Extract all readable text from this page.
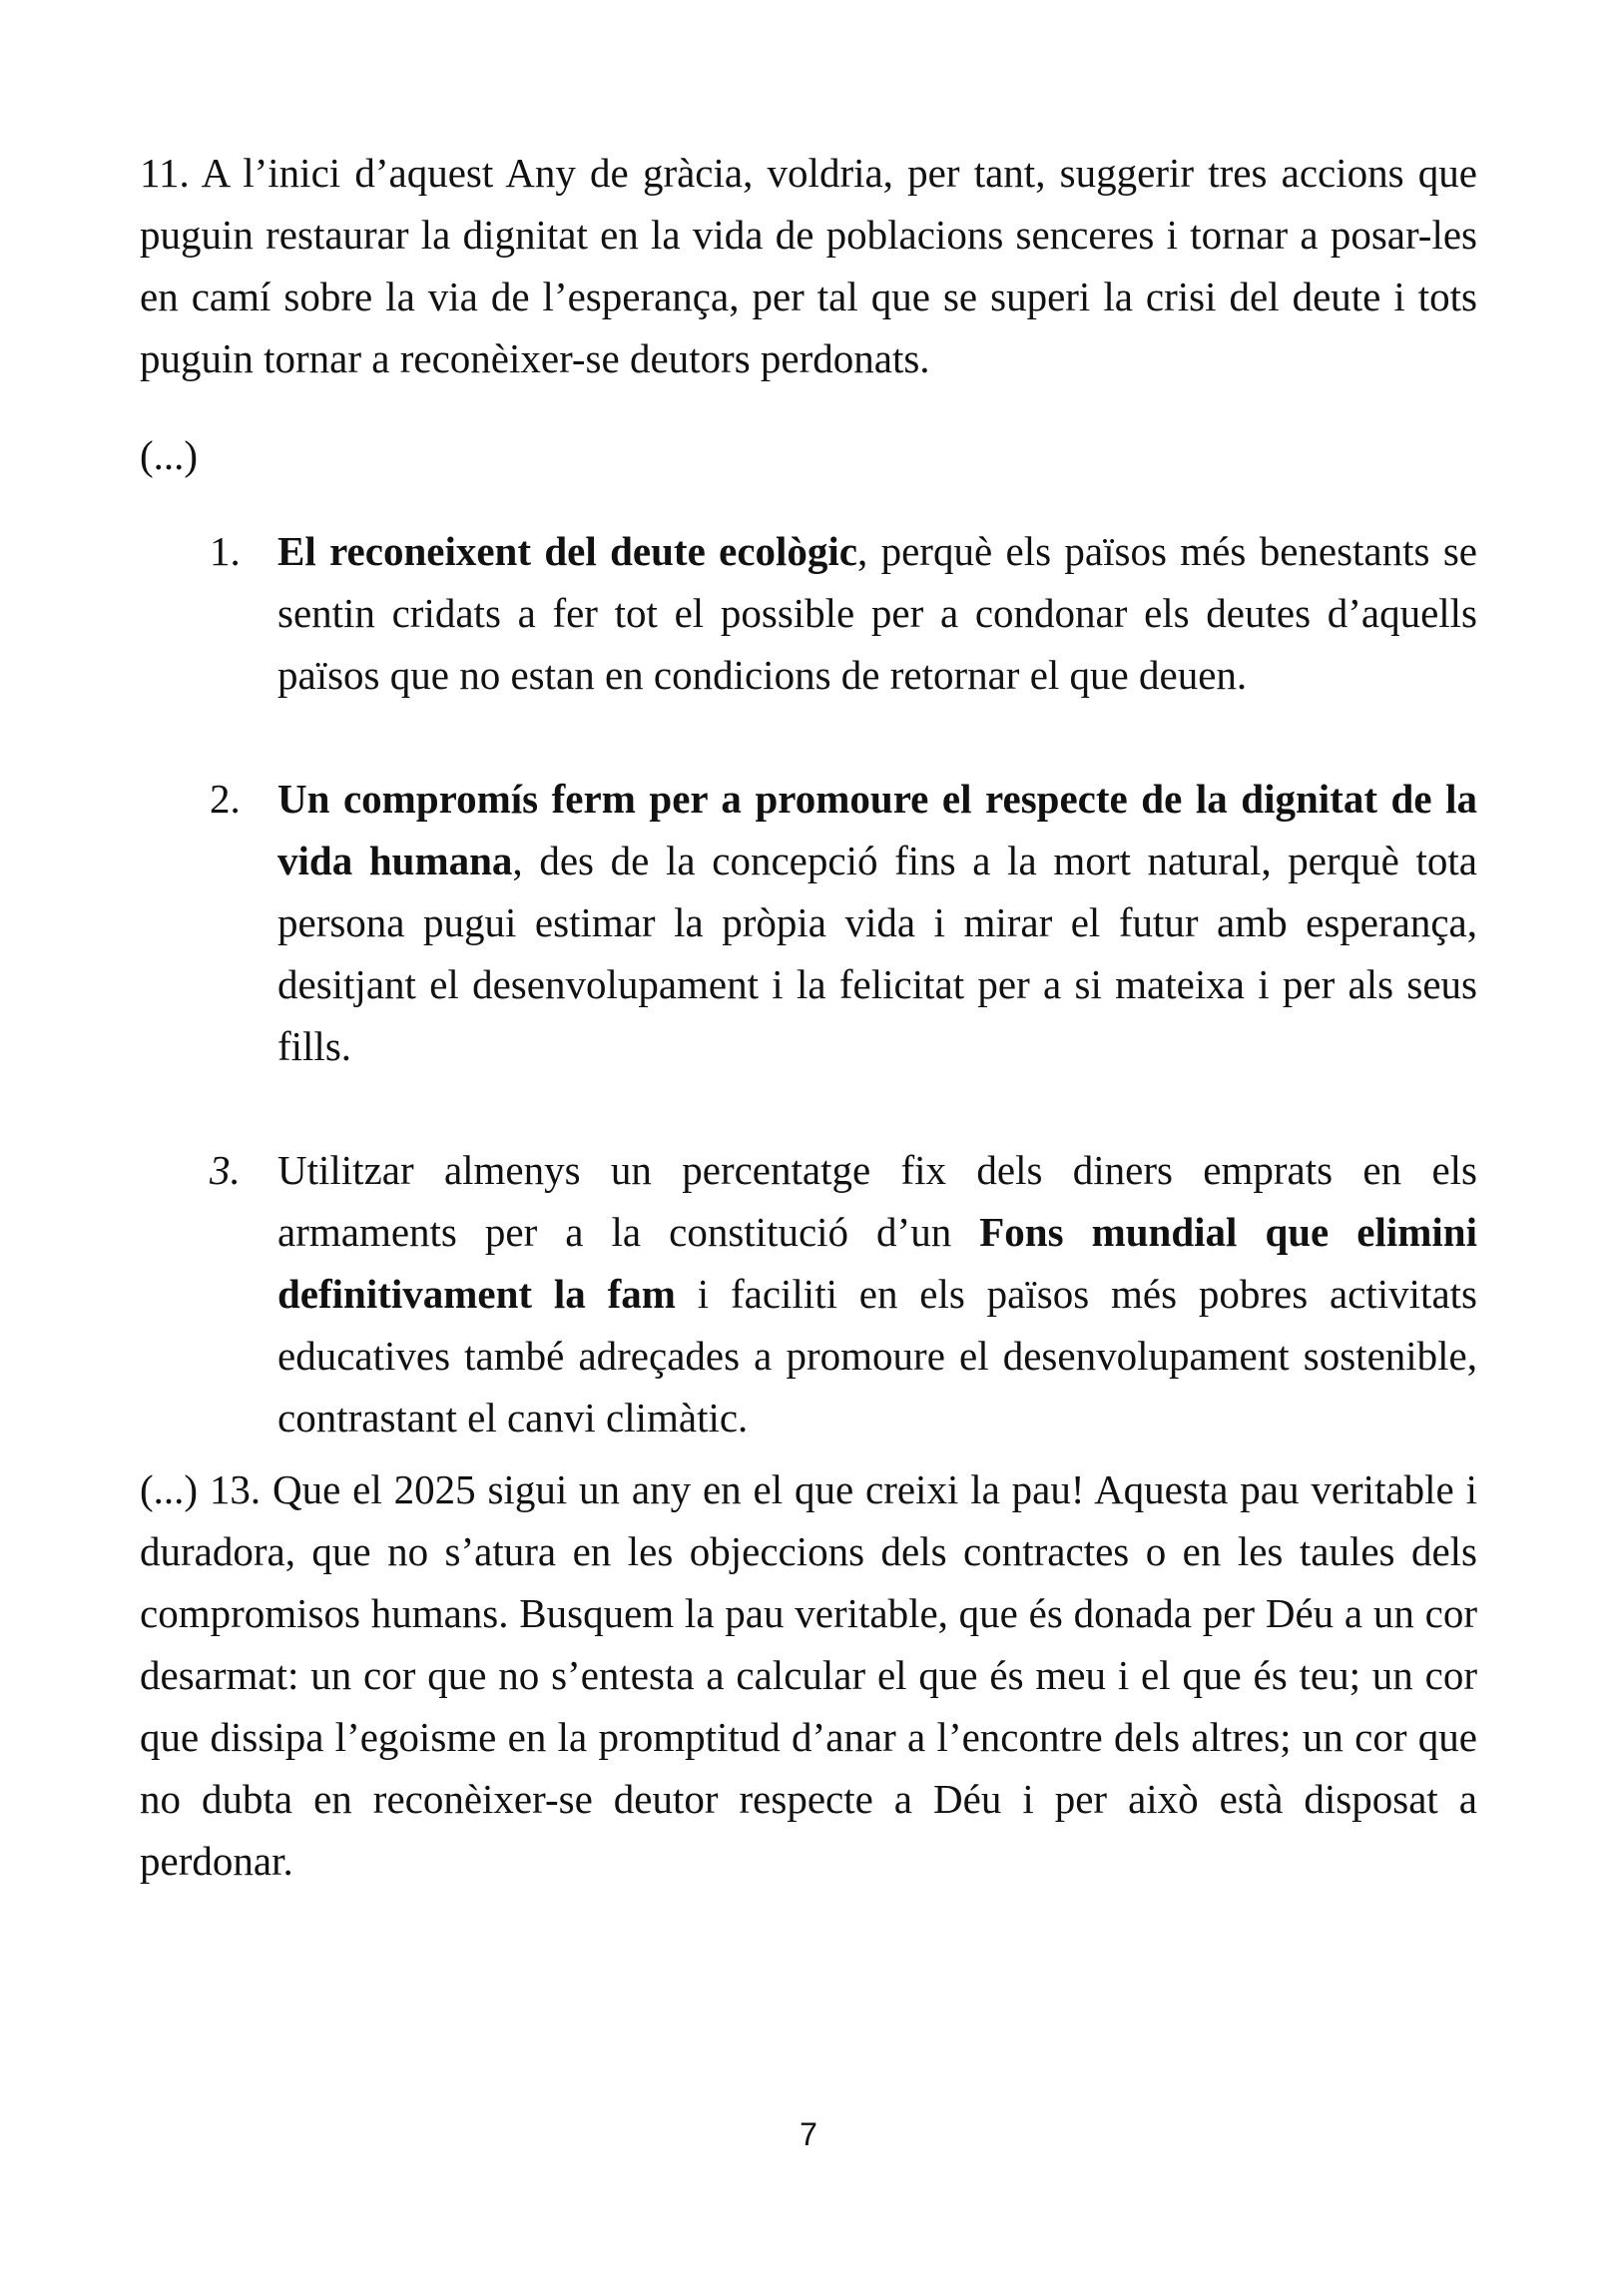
11. A l’inici d’aquest Any de gràcia, voldria, per tant, suggerir tres accions que puguin restaurar la dignitat en la vida de poblacions senceres i tornar a posar-les en camí sobre la via de l’esperança, per tal que se superi la crisi del deute i tots puguin tornar a reconèixer-se deutors perdonats.

(...)

1. El reconeixent del deute ecològic, perquè els països més benestants se sentin cridats a fer tot el possible per a condonar els deutes d’aquells països que no estan en condicions de retornar el que deuen.
2. Un compromís ferm per a promoure el respecte de la dignitat de la vida humana, des de la concepció fins a la mort natural, perquè tota persona pugui estimar la pròpia vida i mirar el futur amb esperança, desitjant el desenvolupament i la felicitat per a si mateixa i per als seus fills.
3. Utilitzar almenys un percentatge fix dels diners emprats en els armaments per a la constitució d’un Fons mundial que elimini definitivament la fam i faciliti en els països més pobres activitats educatives també adreçades a promoure el desenvolupament sostenible, contrastant el canvi climàtic.

(...) 13. Que el 2025 sigui un any en el que creixi la pau! Aquesta pau veritable i duradora, que no s’atura en les objeccions dels contractes o en les taules dels compromisos humans. Busquem la pau veritable, que és donada per Déu a un cor desarmat: un cor que no s’entesta a calcular el que és meu i el que és teu; un cor que dissipa l’egoisme en la promptitud d’anar a l’encontre dels altres; un cor que no dubta en reconèixer-se deutor respecte a Déu i per això està disposat a perdonar.

7
